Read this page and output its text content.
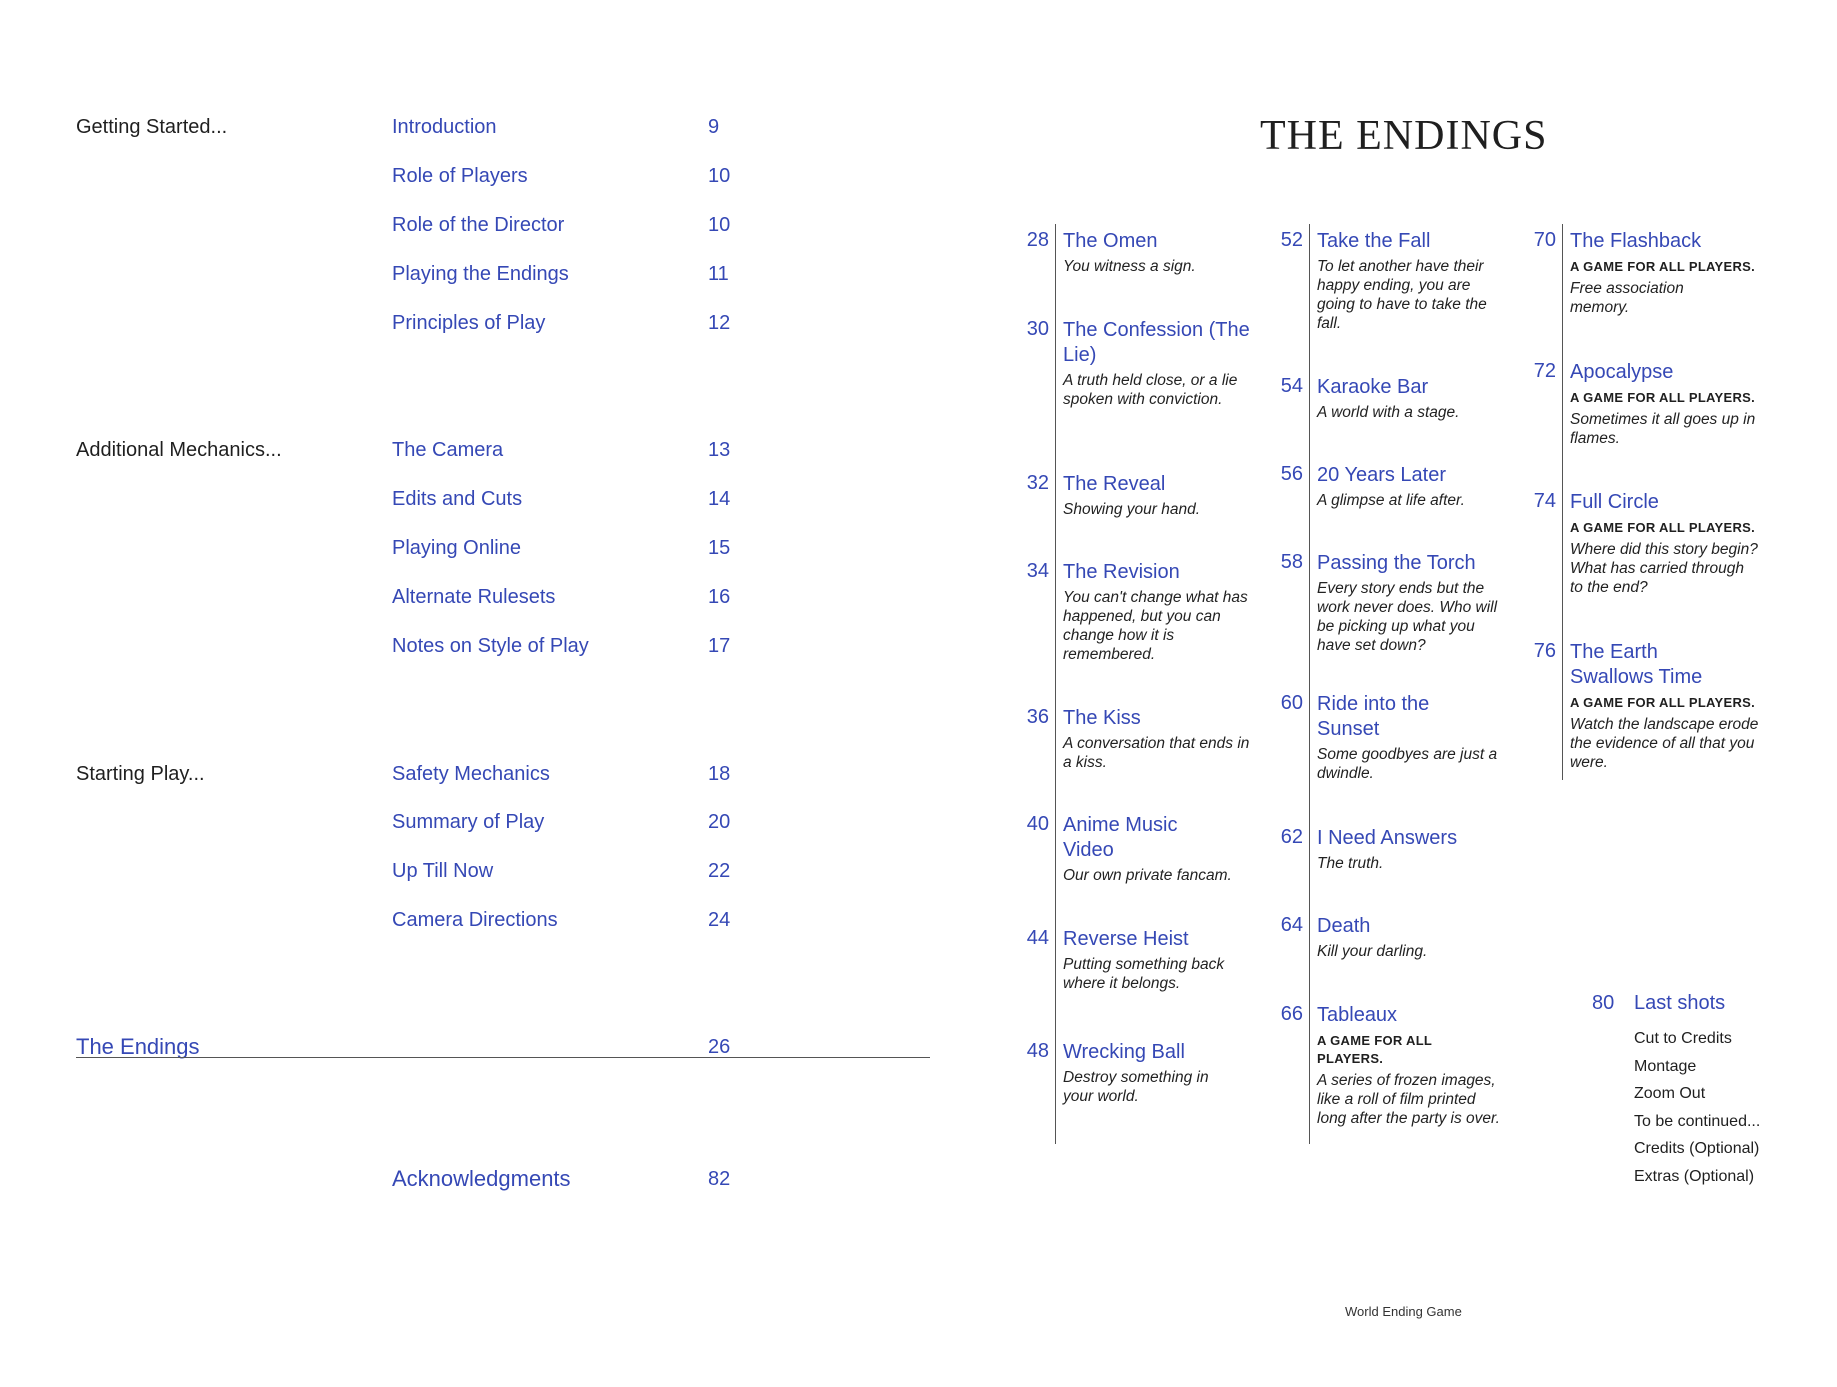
Getting Started...	Introduction	9
Role of Players	10
Role of the Director	10
Playing the Endings	11
Principles of Play	12
Additional Mechanics...	The Camera	13
Edits and Cuts	14
Playing Online	15
Alternate Rulesets	16
Notes on Style of Play	17
Starting Play...	Safety Mechanics	18
Summary of Play	20
Up Till Now	22
Camera Directions	24
The Endings	26
Acknowledgments	82
THE ENDINGS
28 The Omen
You witness a sign.
30 The Confession (The Lie)
A truth held close, or a lie spoken with conviction.
32 The Reveal
Showing your hand.
34 The Revision
You can't change what has happened, but you can change how it is remembered.
36 The Kiss
A conversation that ends in a kiss.
40 Anime Music Video
Our own private fancam.
44 Reverse Heist
Putting something back where it belongs.
48 Wrecking Ball
Destroy something in your world.
52 Take the Fall
To let another have their happy ending, you are going to have to take the fall.
54 Karaoke Bar
A world with a stage.
56 20 Years Later
A glimpse at life after.
58 Passing the Torch
Every story ends but the work never does. Who will be picking up what you have set down?
60 Ride into the Sunset
Some goodbyes are just a dwindle.
62 I Need Answers
The truth.
64 Death
Kill your darling.
66 Tableaux
A GAME FOR ALL PLAYERS.
A series of frozen images, like a roll of film printed long after the party is over.
70 The Flashback
A GAME FOR ALL PLAYERS.
Free association memory.
72 Apocalypse
A GAME FOR ALL PLAYERS.
Sometimes it all goes up in flames.
74 Full Circle
A GAME FOR ALL PLAYERS.
Where did this story begin? What has carried through to the end?
76 The Earth Swallows Time
A GAME FOR ALL PLAYERS.
Watch the landscape erode the evidence of all that you were.
80 Last shots
Cut to Credits
Montage
Zoom Out
To be continued...
Credits (Optional)
Extras (Optional)
World Ending Game
